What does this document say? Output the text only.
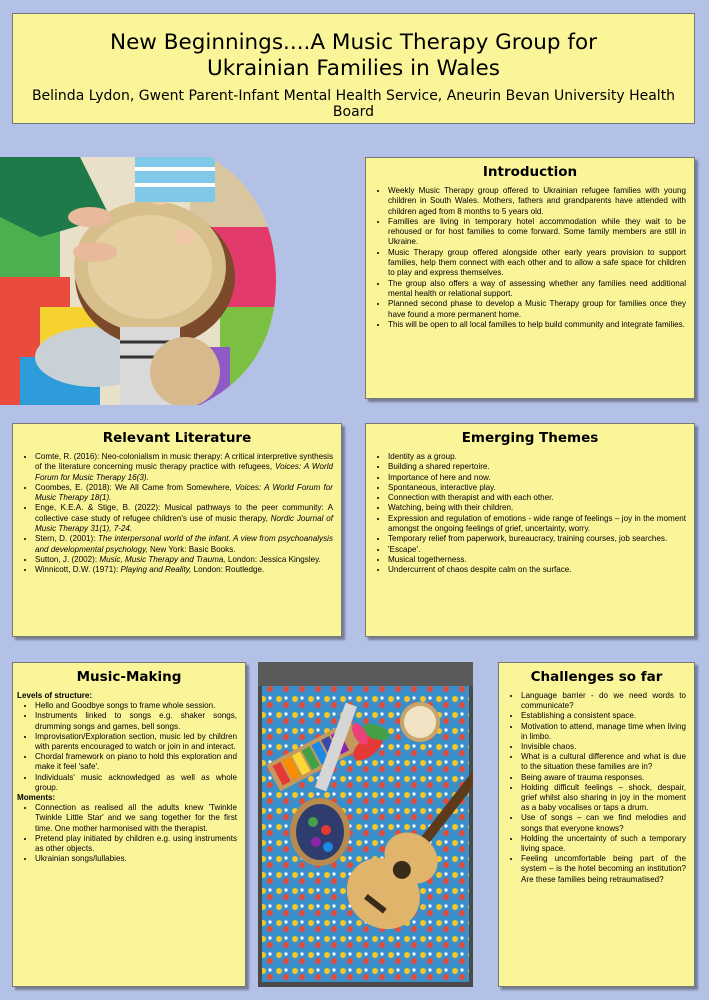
New Beginnings....A Music Therapy Group for
Ukrainian Families in Wales
Belinda Lydon, Gwent Parent-Infant Mental Health Service, Aneurin Bevan University Health Board
Introduction
• Weekly Music Therapy group offered to Ukrainian refugee families with young children in South Wales. Mothers, fathers and grandparents have attended with children aged from 8 months to 5 years old.
• Families are living in temporary hotel accommodation while they wait to be rehoused or for host families to come forward. Some family members are still in Ukraine.
• Music Therapy group offered alongside other early years provision to support families, help them connect with each other and to allow a safe space for children to play and express themselves.
• The group also offers a way of assessing whether any families need additional mental health or relational support.
• Planned second phase to develop a Music Therapy group for families once they have found a more permanent home.
• This will be open to all local families to help build community and integrate families.
Relevant Literature
• Comte, R. (2016): Neo-colonialism in music therapy: A critical interpretive synthesis of the literature concerning music therapy practice with refugees, Voices: A World Forum for Music Therapy 16(3).
• Coombes, E. (2018): We All Came from Somewhere, Voices: A World Forum for Music Therapy 18(1).
• Enge, K.E.A. & Stige, B. (2022): Musical pathways to the peer community: A collective case study of refugee children's use of music therapy, Nordic Journal of Music Therapy 31(1), 7-24.
• Stern, D. (2001): The interpersonal world of the infant. A view from psychoanalysis and developmental psychology, New York: Basic Books.
• Sutton, J. (2002): Music, Music Therapy and Trauma, London: Jessica Kingsley.
• Winnicott, D.W. (1971): Playing and Reality, London: Routledge.
Emerging Themes
• Identity as a group.
• Building a shared repertoire.
• Importance of here and now.
• Spontaneous, interactive play.
• Connection with therapist and with each other.
• Watching, being with their children.
• Expression and regulation of emotions - wide range of feelings – joy in the moment amongst the ongoing feelings of grief, uncertainty, worry.
• Temporary relief from paperwork, bureaucracy, training courses, job searches.
• 'Escape'.
• Musical togetherness.
• Undercurrent of chaos despite calm on the surface.
Music-Making
Levels of structure:
• Hello and Goodbye songs to frame whole session.
• Instruments linked to songs e.g. shaker songs, drumming songs and games, bell songs.
• Improvisation/Exploration section, music led by children with parents encouraged to watch or join in and interact.
• Chordal framework on piano to hold this exploration and make it feel 'safe'.
• Individuals' music acknowledged as well as whole group.
Moments:
• Connection as realised all the adults knew 'Twinkle Twinkle Little Star' and we sang together for the first time. One mother harmonised with the therapist.
• Pretend play initiated by children e.g. using instruments as other objects.
• Ukrainian songs/lullabies.
Challenges so far
• Language barrier - do we need words to communicate?
• Establishing a consistent space.
• Motivation to attend, manage time when living in limbo.
• Invisible chaos.
• What is a cultural difference and what is due to the situation these families are in?
• Being aware of trauma responses.
• Holding difficult feelings – shock, despair, grief whilst also sharing in joy in the moment as a baby vocalises or taps a drum.
• Use of songs – can we find melodies and songs that everyone knows?
• Holding the uncertainty of such a temporary living space.
• Feeling uncomfortable being part of the system – is the hotel becoming an institution? Are these families being retraumatised?
